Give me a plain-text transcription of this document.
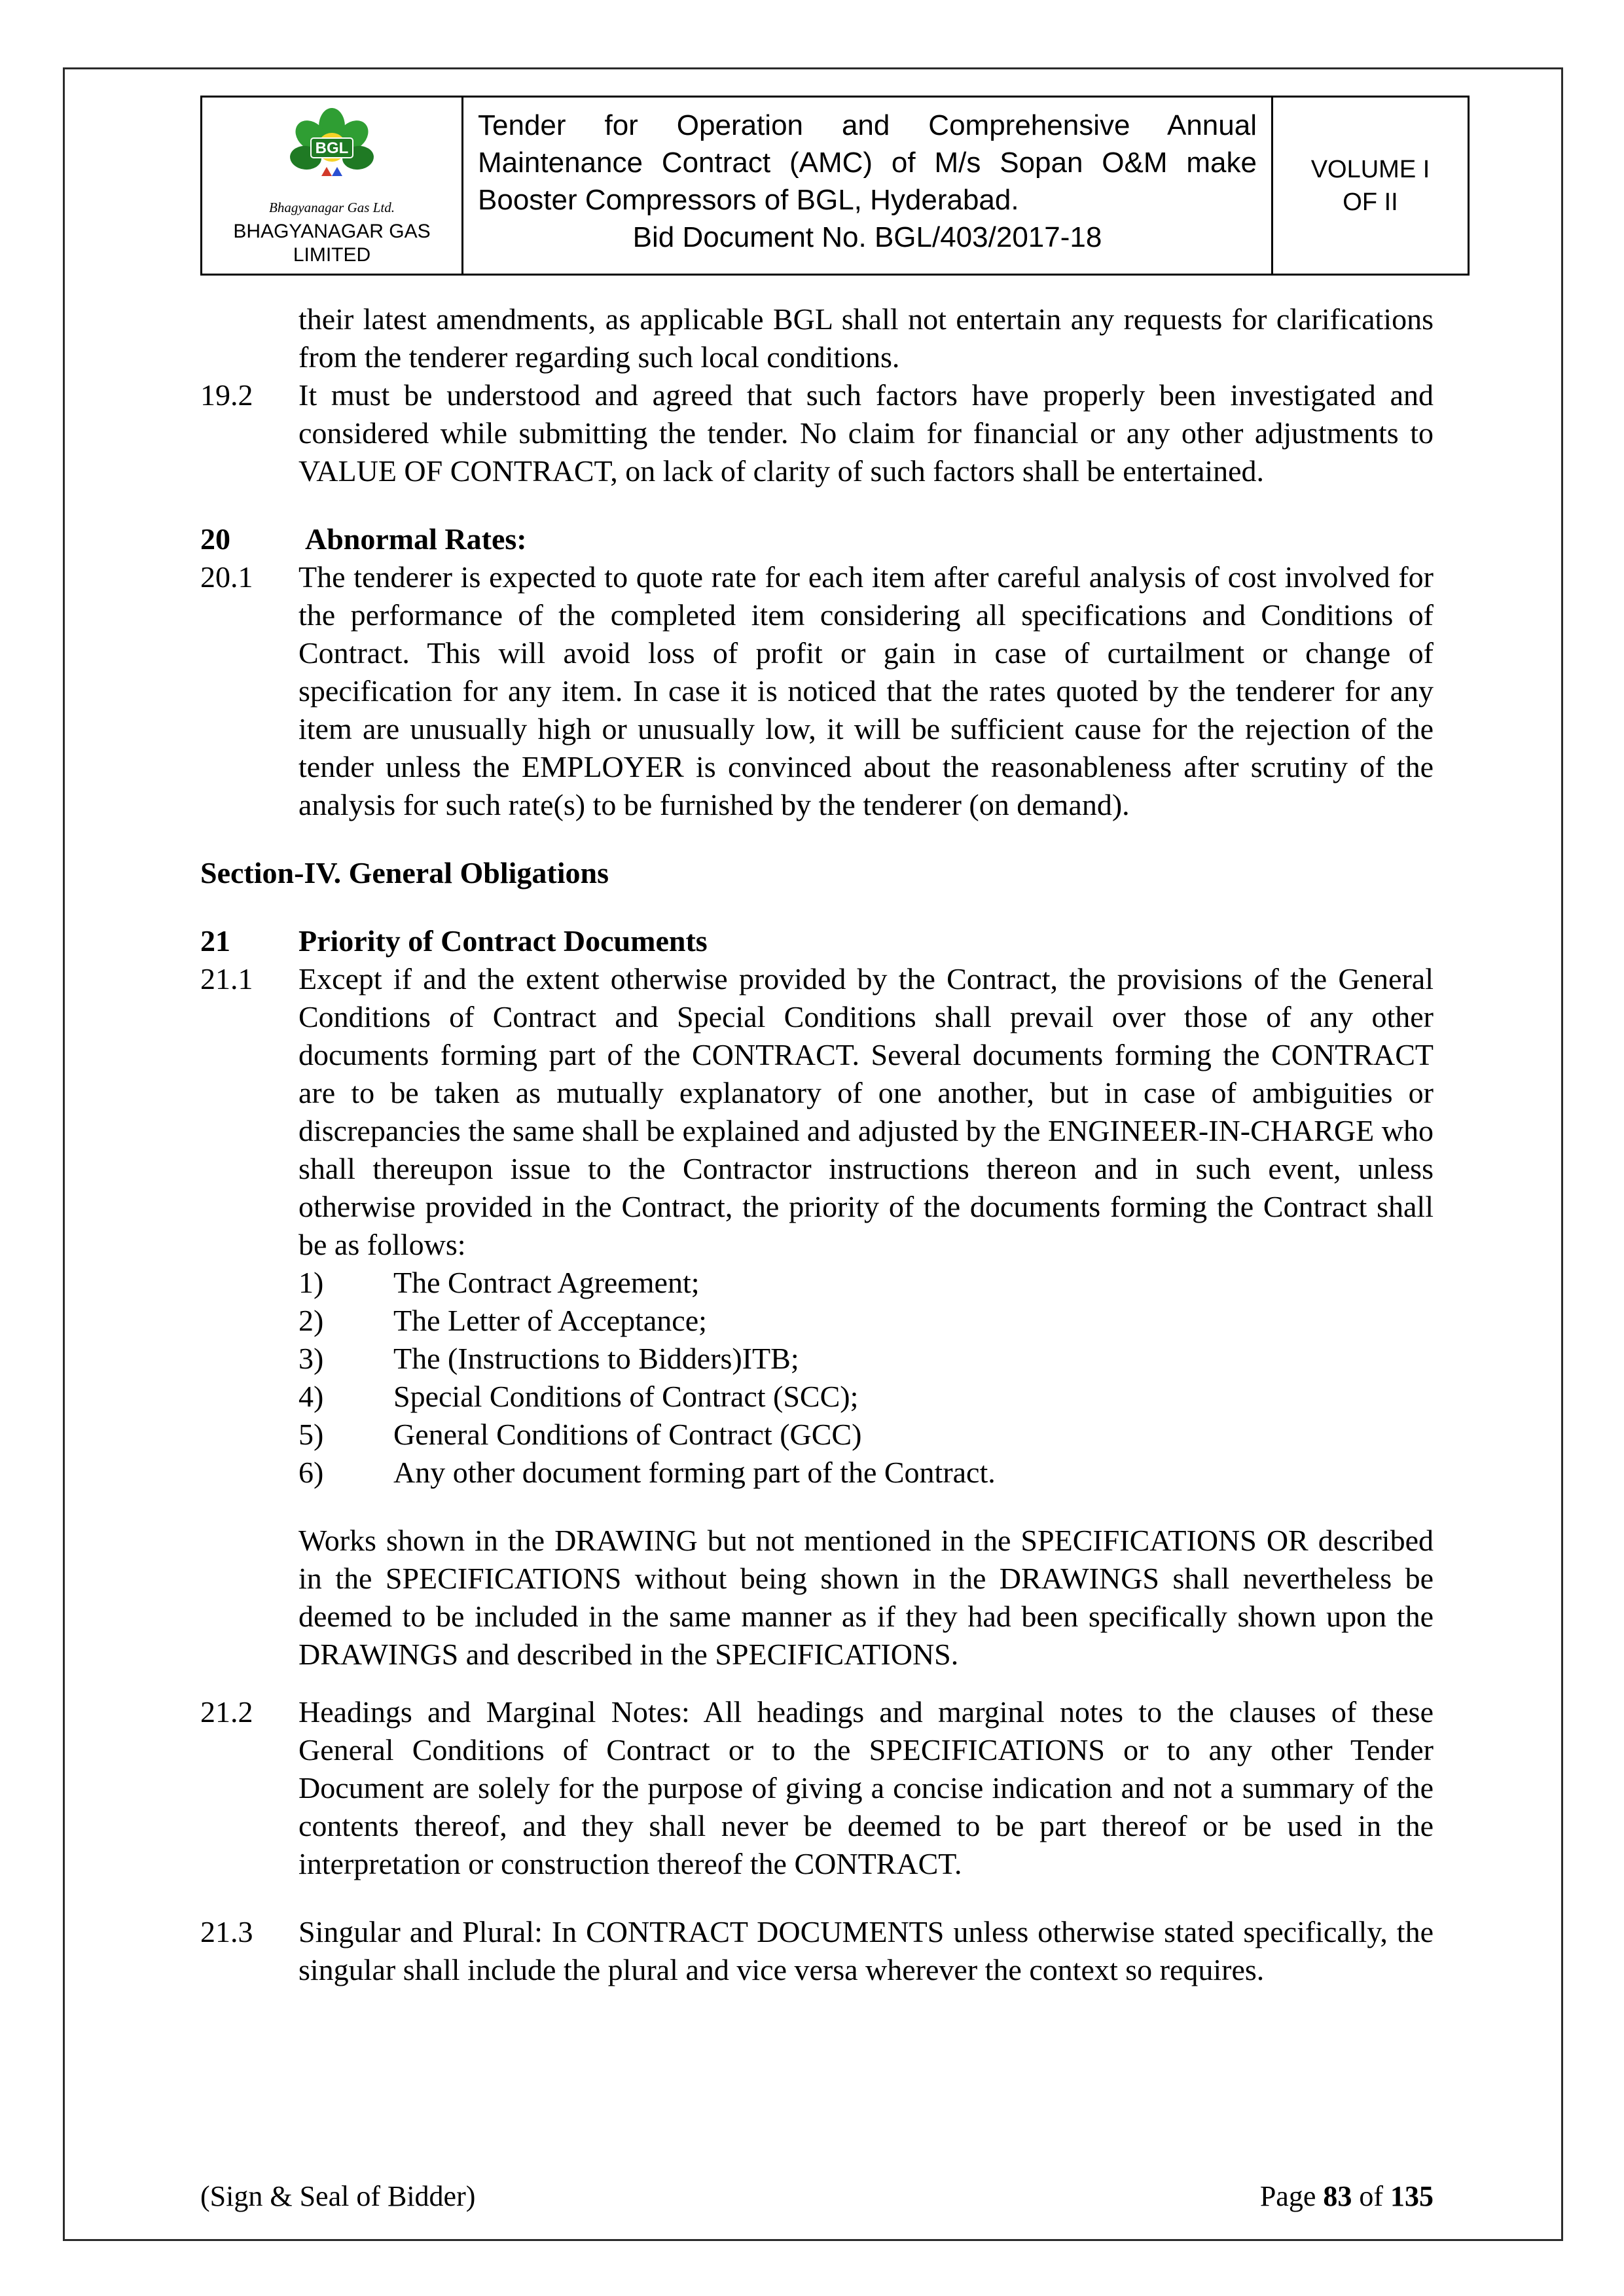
BGL
Bhagyanagar Gas Ltd.
BHAGYANAGAR GAS LIMITED
Tender for Operation and Comprehensive Annual Maintenance Contract (AMC) of M/s Sopan O&M make Booster Compressors of BGL, Hyderabad.
Bid Document No. BGL/403/2017-18
VOLUME I
OF II
their latest amendments, as applicable BGL shall not entertain any requests for clarifications from the tenderer regarding such local conditions.
19.2	It must be understood and agreed that such factors have properly been investigated and considered while submitting the tender. No claim for financial or any other adjustments to VALUE OF CONTRACT, on lack of clarity of such factors shall be entertained.
20	Abnormal Rates:
20.1	The tenderer is expected to quote rate for each item after careful analysis of cost involved for the performance of the completed item considering all specifications and Conditions of Contract. This will avoid loss of profit or gain in case of curtailment or change of specification for any item. In case it is noticed that the rates quoted by the tenderer for any item are unusually high or unusually low, it will be sufficient cause for the rejection of the tender unless the EMPLOYER is convinced about the reasonableness after scrutiny of the analysis for such rate(s) to be furnished by the tenderer (on demand).
Section-IV. General Obligations
21	Priority of Contract Documents
21.1	Except if and the extent otherwise provided by the Contract, the provisions of the General Conditions of Contract and Special Conditions shall prevail over those of any other documents forming part of the CONTRACT. Several documents forming the CONTRACT are to be taken as mutually explanatory of one another, but in case of ambiguities or discrepancies the same shall be explained and adjusted by the ENGINEER-IN-CHARGE who shall thereupon issue to the Contractor instructions thereon and in such event, unless otherwise provided in the Contract, the priority of the documents forming the Contract shall be as follows:
1)	The Contract Agreement;
2)	The Letter of Acceptance;
3)	The (Instructions to Bidders)ITB;
4)	Special Conditions of Contract (SCC);
5)	General Conditions of Contract (GCC)
6)	Any other document forming part of the Contract.
Works shown in the DRAWING but not mentioned in the SPECIFICATIONS OR described in the SPECIFICATIONS without being shown in the DRAWINGS shall nevertheless be deemed to be included in the same manner as if they had been specifically shown upon the DRAWINGS and described in the SPECIFICATIONS.
21.2	Headings and Marginal Notes: All headings and marginal notes to the clauses of these General Conditions of Contract or to the SPECIFICATIONS or to any other Tender Document are solely for the purpose of giving a concise indication and not a summary of the contents thereof, and they shall never be deemed to be part thereof or be used in the interpretation or construction thereof the CONTRACT.
21.3	Singular and Plural: In CONTRACT DOCUMENTS unless otherwise stated specifically, the singular shall include the plural and vice versa wherever the context so requires.
(Sign & Seal of Bidder)	Page 83 of 135
